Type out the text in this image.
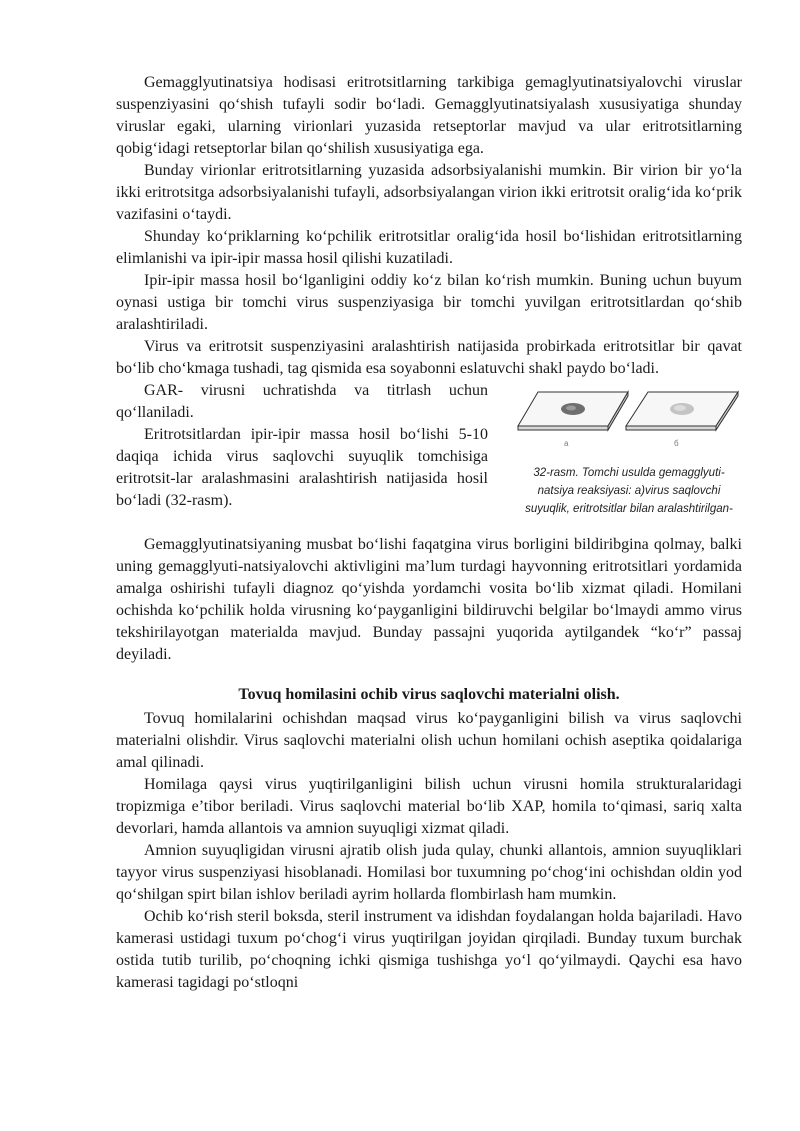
Gemagglyutinatsiya hodisasi eritrotsitlarning tarkibiga gemaglyutinatsiyalovchi viruslar suspenziyasini qo‘shish tufayli sodir bo‘ladi. Gemagglyutinatsiyalash xususiyatiga shunday viruslar egaki, ularning virionlari yuzasida retseptorlar mavjud va ular eritrotsitlarning qobig‘idagi retseptorlar bilan qo‘shilish xususiyatiga ega.

Bunday virionlar eritrotsitlarning yuzasida adsorbsiyalanishi mumkin. Bir virion bir yo‘la ikki eritrotsitga adsorbsiyalanishi tufayli, adsorbsiyalangan virion ikki eritrotsit oralig‘ida ko‘prik vazifasini o‘taydi.

Shunday ko‘priklarning ko‘pchilik eritrotsitlar oralig‘ida hosil bo‘lishidan eritrotsitlarning elimlanishi va ipir-ipir massa hosil qilishi kuzatiladi.

Ipir-ipir massa hosil bo‘lganligini oddiy ko‘z bilan ko‘rish mumkin. Buning uchun buyum oynasi ustiga bir tomchi virus suspenziyasiga bir tomchi yuvilgan eritrotsitlardan qo‘shib aralashtiriladi.

Virus va eritrotsit suspenziyasini aralashtirish natijasida probirkada eritrotsitlar bir qavat bo‘lib cho‘kmaga tushadi, tag qismida esa soyabonni eslatuvchi shakl paydo bo‘ladi.

GAR- virusni uchratishda va titrlash uchun qo‘llaniladi.

Eritrotsitlardan ipir-ipir massa hosil bo‘lishi 5-10 daqiqa ichida virus saqlovchi suyuqlik tomchisiga eritrotsit-lar aralashmasini aralashtirish natijasida hosil bo‘ladi (32-rasm).

a	б
32-rasm. Tomchi usulda gemagglyuti-
natsiya reaksiyasi: a)virus saqlovchi
suyuqlik, eritrotsitlar bilan aralashtirilgan-

Gemagglyutinatsiyaning musbat bo‘lishi faqatgina virus borligini bildiribgina qolmay, balki uning gemagglyuti-natsiyalovchi aktivligini ma’lum turdagi hayvonning eritrotsitlari yordamida amalga oshirishi tufayli diagnoz qo‘yishda yordamchi vosita bo‘lib xizmat qiladi. Homilani ochishda ko‘pchilik holda virusning ko‘payganligini bildiruvchi belgilar bo‘lmaydi ammo virus tekshirilayotgan materialda mavjud. Bunday passajni yuqorida aytilgandek “ko‘r” passaj deyiladi.

Tovuq homilasini ochib virus saqlovchi materialni olish.

Tovuq homilalarini ochishdan maqsad virus ko‘payganligini bilish va virus saqlovchi materialni olishdir. Virus saqlovchi materialni olish uchun homilani ochish aseptika qoidalariga amal qilinadi.

Homilaga qaysi virus yuqtirilganligini bilish uchun virusni homila strukturalaridagi tropizmiga e’tibor beriladi. Virus saqlovchi material bo‘lib XAP, homila to‘qimasi, sariq xalta devorlari, hamda allantois va amnion suyuqligi xizmat qiladi.

Amnion suyuqligidan virusni ajratib olish juda qulay, chunki allantois, amnion suyuqliklari tayyor virus suspenziyasi hisoblanadi. Homilasi bor tuxumning po‘chog‘ini ochishdan oldin yod qo‘shilgan spirt bilan ishlov beriladi ayrim hollarda flombirlash ham mumkin.

Ochib ko‘rish steril boksda, steril instrument va idishdan foydalangan holda bajariladi. Havo kamerasi ustidagi tuxum po‘chog‘i virus yuqtirilgan joyidan qirqiladi. Bunday tuxum burchak ostida tutib turilib, po‘choqning ichki qismiga tushishga yo‘l qo‘yilmaydi. Qaychi esa havo kamerasi tagidagi po‘stloqni
